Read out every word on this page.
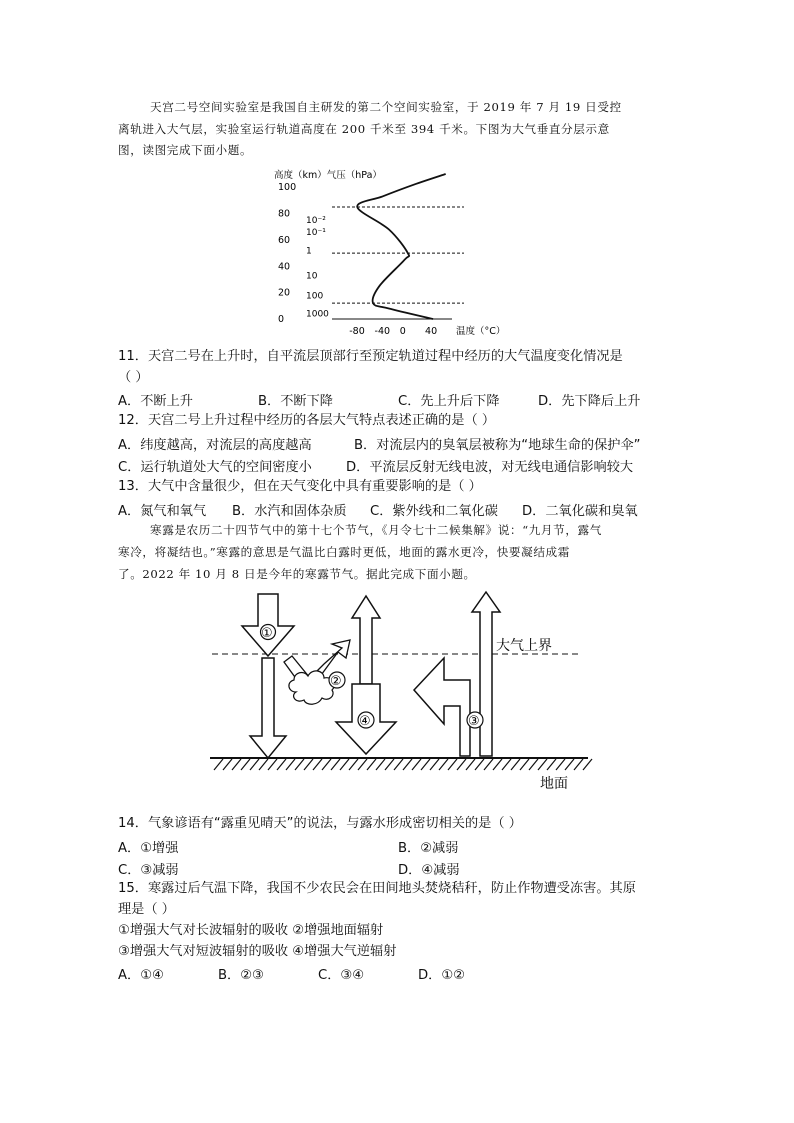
天宫二号空间实验室是我国自主研发的第二个空间实验室，于 2019 年 7 月 19 日受控
离轨进入大气层，实验室运行轨道高度在 200 千米至 394 千米。下图为大气垂直分层示意
图，读图完成下面小题。
高度（km）气压（hPa）
100
80
60
40
20
0
10⁻²
10⁻¹
1
10
100
1000
-80 -40 0 40 温度（°C）
11．天宫二号在上升时，自平流层顶部行至预定轨道过程中经历的大气温度变化情况是
（ ）
A．不断上升	B．不断下降	C．先上升后下降	D．先下降后上升
12．天宫二号上升过程中经历的各层大气特点表述正确的是（ ）
A．纬度越高，对流层的高度越高	B．对流层内的臭氧层被称为“地球生命的保护伞”
C．运行轨道处大气的空间密度小	D．平流层反射无线电波，对无线电通信影响较大
13．大气中含量很少，但在天气变化中具有重要影响的是（ ）
A．氮气和氧气 B．水汽和固体杂质 C．紫外线和二氧化碳 D．二氧化碳和臭氧
寒露是农历二十四节气中的第十七个节气，《月令七十二候集解》说：“九月节，露气
寒冷，将凝结也。”寒露的意思是气温比白露时更低，地面的露水更冷，快要凝结成霜
了。2022 年 10 月 8 日是今年的寒露节气。据此完成下面小题。
大气上界
①
②
④	③
地面
14．气象谚语有“露重见晴天”的说法，与露水形成密切相关的是（ ）
A．①增强	B．②减弱
C．③减弱	D．④减弱
15．寒露过后气温下降，我国不少农民会在田间地头焚烧秸秆，防止作物遭受冻害。其原
理是（ ）
①增强大气对长波辐射的吸收 ②增强地面辐射
③增强大气对短波辐射的吸收 ④增强大气逆辐射
A．①④	B．②③	C．③④	D．①②
